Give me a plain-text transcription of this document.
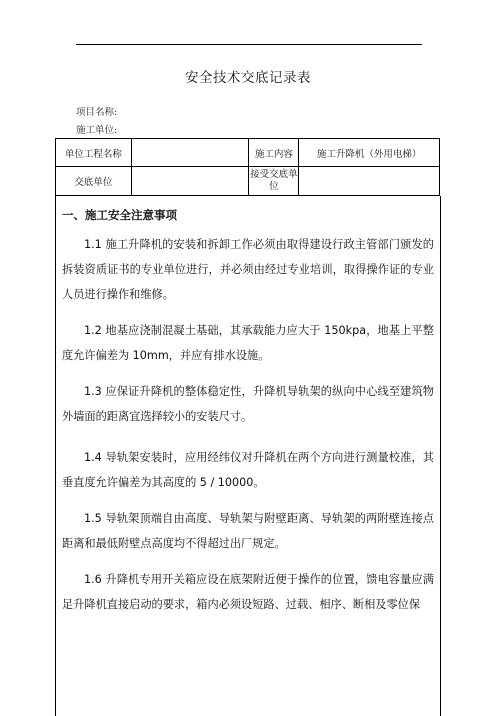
安全技术交底记录表
项目名称:
施工单位:
单位工程名称		施工内容	施工升降机（外用电梯）
交底单位		接受交底单位	
一、施工安全注意事项
1.1 施工升降机的安装和拆卸工作必须由取得建设行政主管部门颁发的拆装资质证书的专业单位进行，并必须由经过专业培训，取得操作证的专业人员进行操作和维修。
1.2 地基应浇制混凝土基础，其承载能力应大于 150kpa，地基上平整度允许偏差为 10mm，并应有排水设施。
1.3 应保证升降机的整体稳定性，升降机导轨架的纵向中心线至建筑物外墙面的距离宜选择较小的安装尺寸。
1.4 导轨架安装时，应用经纬仪对升降机在两个方向进行测量校准，其垂直度允许偏差为其高度的 5 / 10000。
1.5 导轨架顶端自由高度、导轨架与附壁距离、导轨架的两附壁连接点距离和最低附壁点高度均不得超过出厂规定。
1.6 升降机专用开关箱应设在底架附近便于操作的位置，馈电容量应满足升降机直接启动的要求，箱内必须设短路、过载、相序、断相及零位保
